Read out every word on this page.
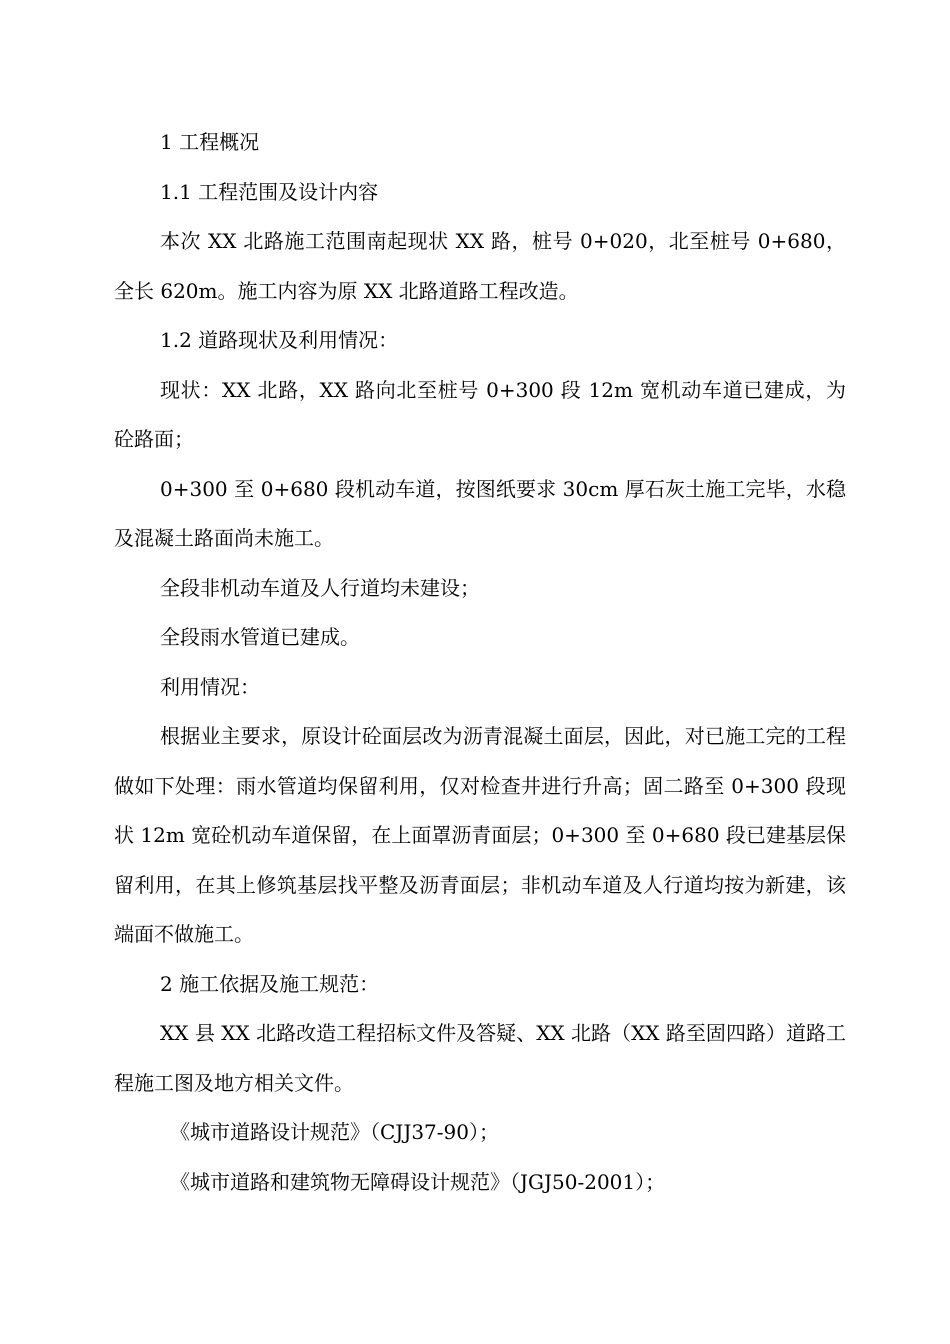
1 工程概况

1.1 工程范围及设计内容

本次 XX 北路施工范围南起现状 XX 路，桩号 0+020，北至桩号 0+680，全长 620m。施工内容为原 XX 北路道路工程改造。

1.2 道路现状及利用情况：

现状：XX 北路，XX 路向北至桩号 0+300 段 12m 宽机动车道已建成，为砼路面；

0+300 至 0+680 段机动车道，按图纸要求 30cm 厚石灰土施工完毕，水稳及混凝土路面尚未施工。

全段非机动车道及人行道均未建设；

全段雨水管道已建成。

利用情况：

根据业主要求，原设计砼面层改为沥青混凝土面层，因此，对已施工完的工程做如下处理：雨水管道均保留利用，仅对检查井进行升高；固二路至 0+300 段现状 12m 宽砼机动车道保留，在上面罩沥青面层；0+300 至 0+680 段已建基层保留利用，在其上修筑基层找平整及沥青面层；非机动车道及人行道均按为新建，该端面不做施工。

2 施工依据及施工规范：

XX 县 XX 北路改造工程招标文件及答疑、XX 北路（XX 路至固四路）道路工程施工图及地方相关文件。

《城市道路设计规范》（CJJ37-90）；

《城市道路和建筑物无障碍设计规范》（JGJ50-2001）；
